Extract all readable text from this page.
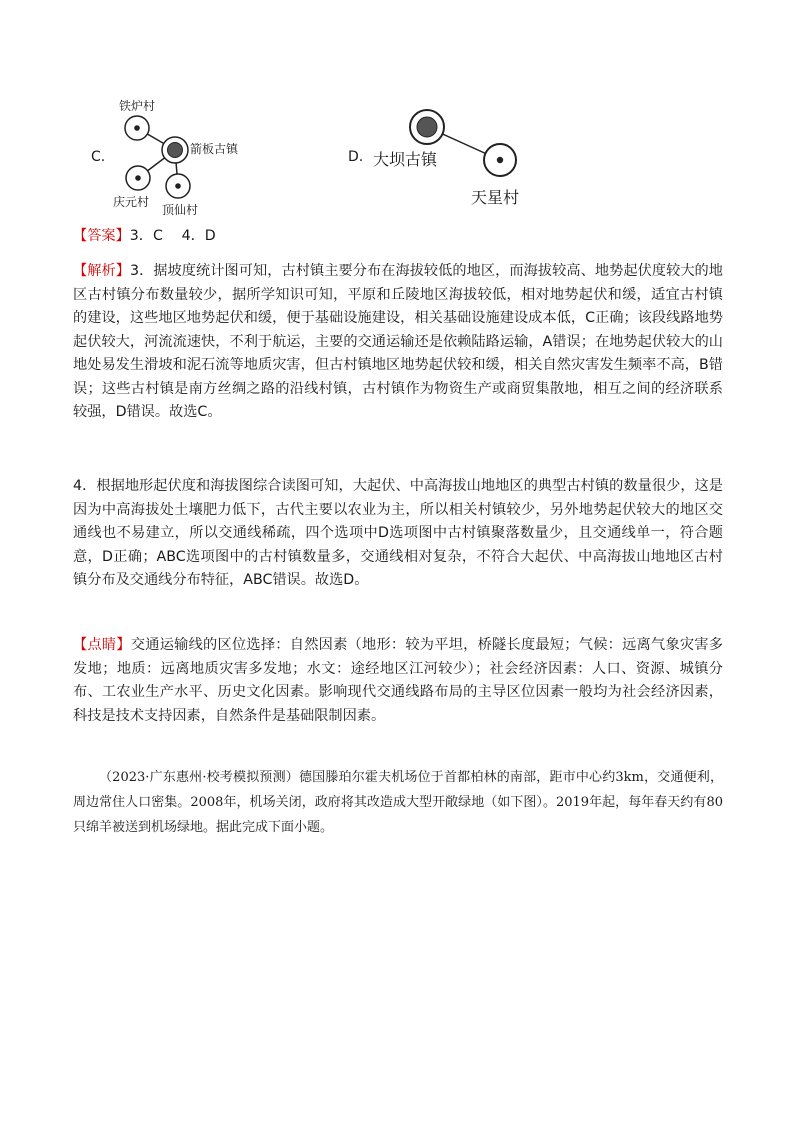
C.
铁炉村
箭板古镇
庆元村
顶仙村
D. 大坝古镇
天星村
【答案】3．C　 4．D
【解析】3．据坡度统计图可知，古村镇主要分布在海拔较低的地区，而海拔较高、地势起伏度较大的地区古村镇分布数量较少，据所学知识可知，平原和丘陵地区海拔较低，相对地势起伏和缓，适宜古村镇的建设，这些地区地势起伏和缓，便于基础设施建设，相关基础设施建设成本低，C正确；该段线路地势起伏较大，河流流速快，不利于航运，主要的交通运输还是依赖陆路运输，A错误；在地势起伏较大的山地处易发生滑坡和泥石流等地质灾害，但古村镇地区地势起伏较和缓，相关自然灾害发生频率不高，B错误；这些古村镇是南方丝绸之路的沿线村镇，古村镇作为物资生产或商贸集散地，相互之间的经济联系较强，D错误。故选C。
4．根据地形起伏度和海拔图综合读图可知，大起伏、中高海拔山地地区的典型古村镇的数量很少，这是因为中高海拔处土壤肥力低下，古代主要以农业为主，所以相关村镇较少，另外地势起伏较大的地区交通线也不易建立，所以交通线稀疏，四个选项中D选项图中古村镇聚落数量少，且交通线单一，符合题意，D正确；ABC选项图中的古村镇数量多，交通线相对复杂，不符合大起伏、中高海拔山地地区古村镇分布及交通线分布特征，ABC错误。故选D。
【点睛】交通运输线的区位选择：自然因素（地形：较为平坦，桥隧长度最短；气候：远离气象灾害多发地；地质：远离地质灾害多发地；水文：途经地区江河较少）；社会经济因素：人口、资源、城镇分布、工农业生产水平、历史文化因素。影响现代交通线路布局的主导区位因素一般均为社会经济因素，科技是技术支持因素，自然条件是基础限制因素。
（2023·广东惠州·校考模拟预测）德国滕珀尔霍夫机场位于首都柏林的南部，距市中心约3km，交通便利，周边常住人口密集。2008年，机场关闭，政府将其改造成大型开敞绿地（如下图）。2019年起，每年春天约有80只绵羊被送到机场绿地。据此完成下面小题。
